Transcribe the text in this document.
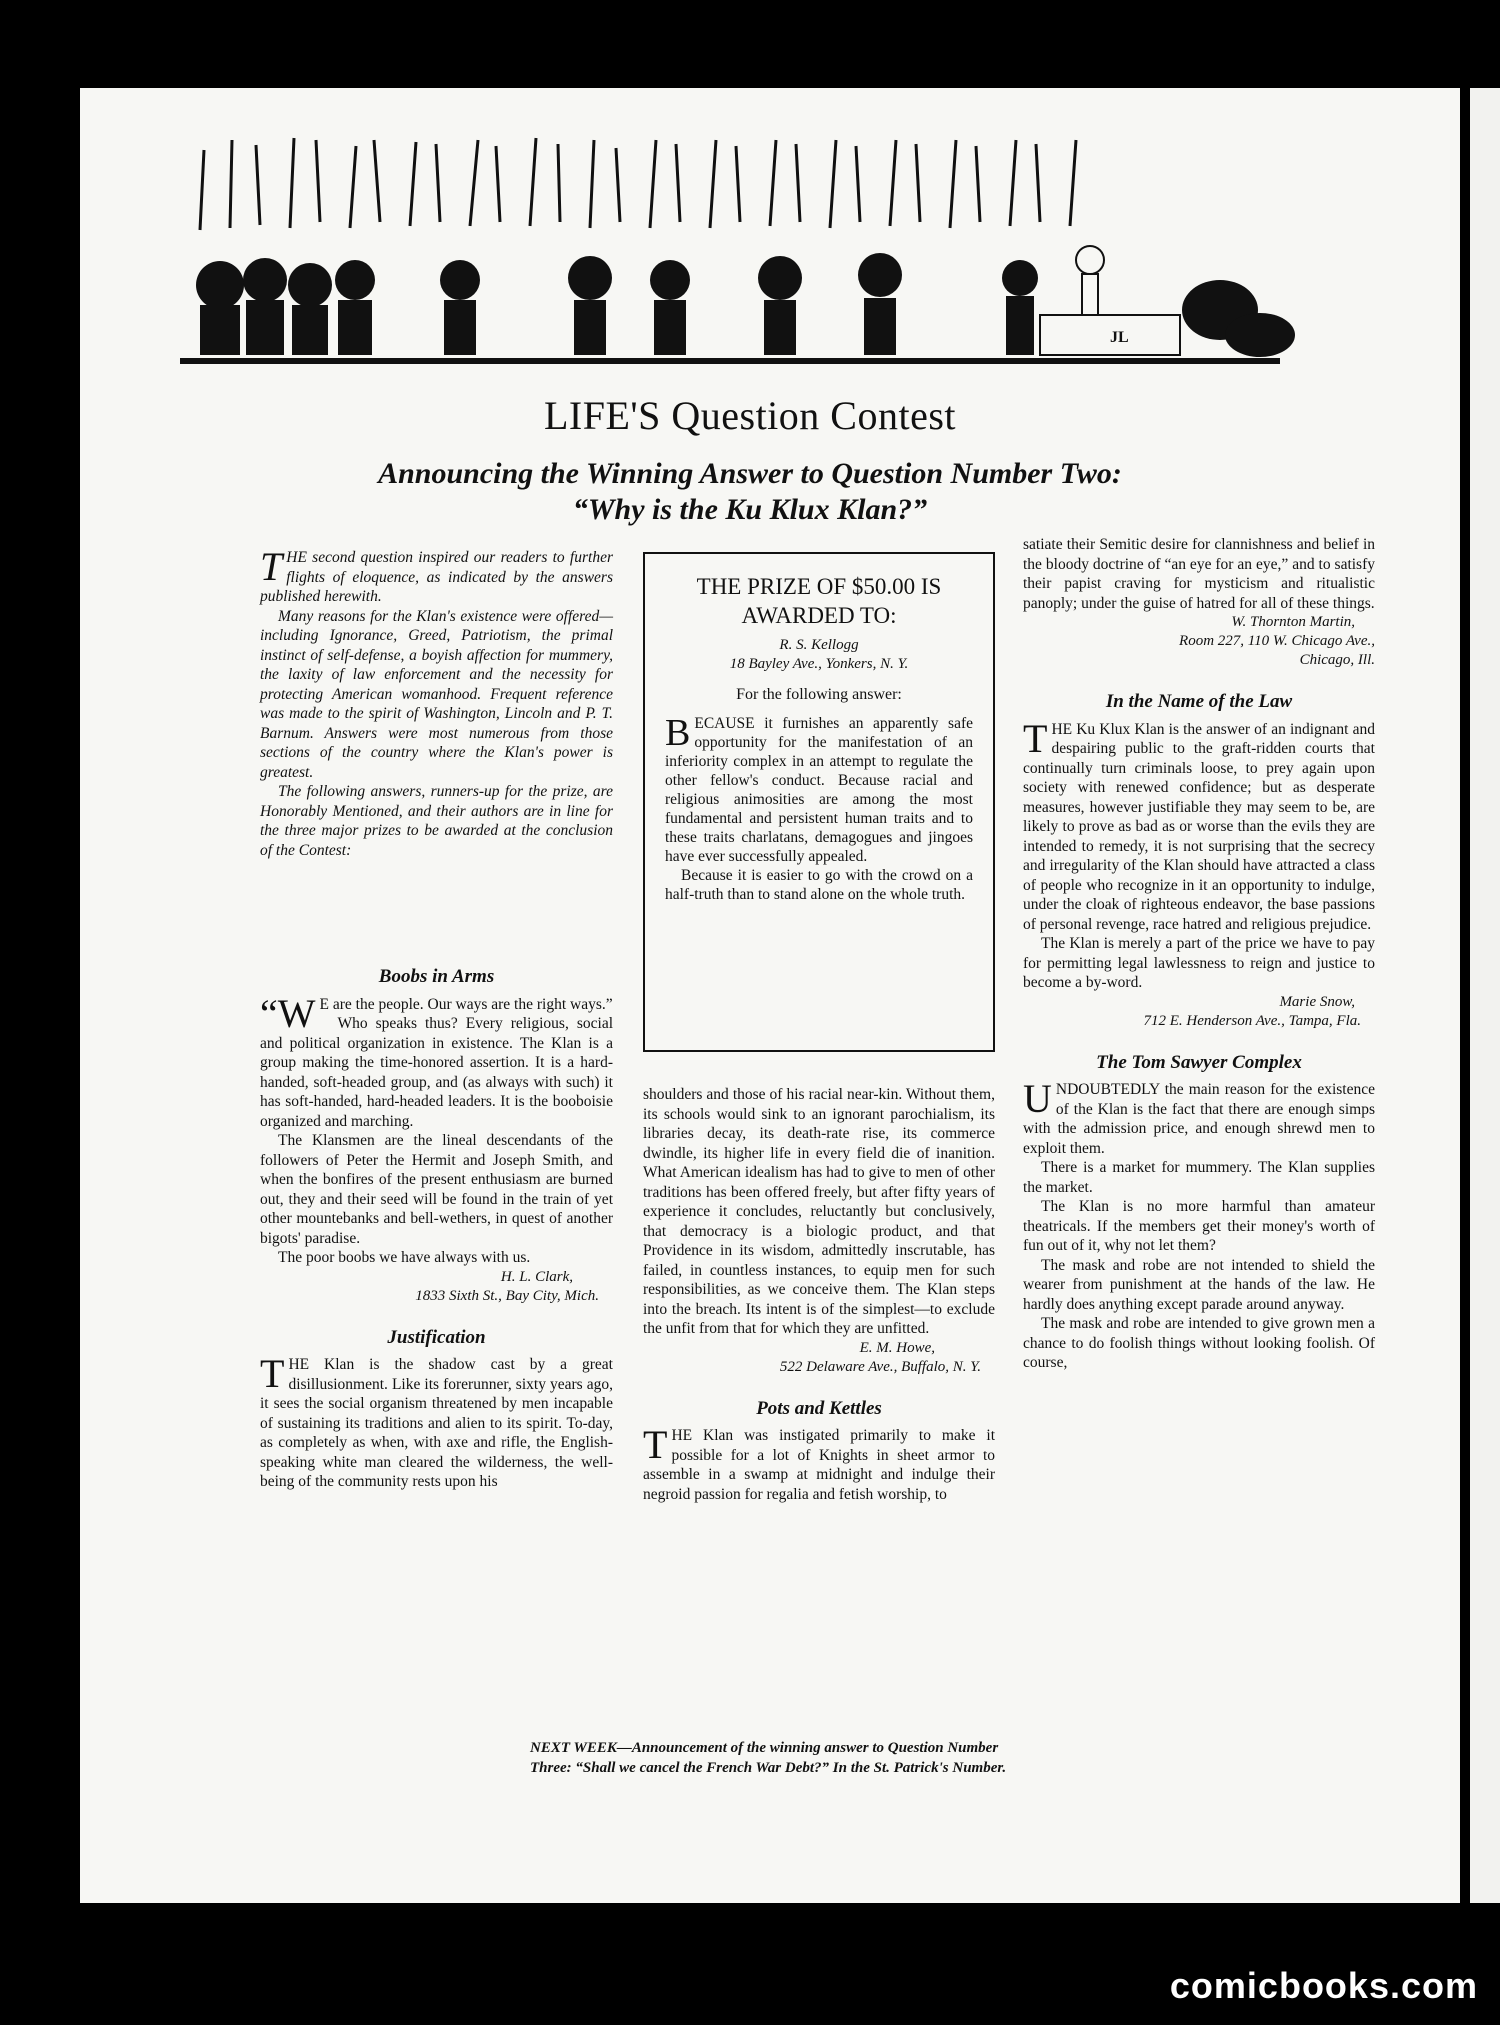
JL
LIFE'S Question Contest
Announcing the Winning Answer to Question Number Two:
“Why is the Ku Klux Klan?”

THE second question inspired our readers to further flights of eloquence, as indicated by the answers published herewith.

Many reasons for the Klan's existence were offered—including Ignorance, Greed, Patriotism, the primal instinct of self-defense, a boyish affection for mummery, the laxity of law enforcement and the necessity for protecting American womanhood. Frequent reference was made to the spirit of Washington, Lincoln and P. T. Barnum. Answers were most numerous from those sections of the country where the Klan's power is greatest.

The following answers, runners-up for the prize, are Honorably Mentioned, and their authors are in line for the three major prizes to be awarded at the conclusion of the Contest:

Boobs in Arms

“W E are the people. Our ways are the right ways.”

Who speaks thus? Every religious, social and political organization in existence. The Klan is a group making the time-honored assertion. It is a hard-handed, soft-headed group, and (as always with such) it has soft-handed, hard-headed leaders. It is the booboisie organized and marching.

The Klansmen are the lineal descendants of the followers of Peter the Hermit and Joseph Smith, and when the bonfires of the present enthusiasm are burned out, they and their seed will be found in the train of yet other mountebanks and bell-wethers, in quest of another bigots' paradise.

The poor boobs we have always with us.

H. L. Clark,
1833 Sixth St., Bay City, Mich.
Justification

THE Klan is the shadow cast by a great disillusionment. Like its forerunner, sixty years ago, it sees the social organism threatened by men incapable of sustaining its traditions and alien to its spirit. To-day, as completely as when, with axe and rifle, the English-speaking white man cleared the wilderness, the well-being of the community rests upon his

THE PRIZE OF $50.00 IS
AWARDED TO:
R. S. Kellogg
18 Bayley Ave., Yonkers, N. Y.
For the following answer:

BECAUSE it furnishes an apparently safe opportunity for the manifestation of an inferiority complex in an attempt to regulate the other fellow's conduct. Because racial and religious animosities are among the most fundamental and persistent human traits and to these traits charlatans, demagogues and jingoes have ever successfully appealed.

Because it is easier to go with the crowd on a half-truth than to stand alone on the whole truth.

shoulders and those of his racial near-kin. Without them, its schools would sink to an ignorant parochialism, its libraries decay, its death-rate rise, its commerce dwindle, its higher life in every field die of inanition. What American idealism has had to give to men of other traditions has been offered freely, but after fifty years of experience it concludes, reluctantly but conclusively, that democracy is a biologic product, and that Providence in its wisdom, admittedly inscrutable, has failed, in countless instances, to equip men for such responsibilities, as we conceive them. The Klan steps into the breach. Its intent is of the simplest—to exclude the unfit from that for which they are unfitted.

E. M. Howe,
522 Delaware Ave., Buffalo, N. Y.
Pots and Kettles

THE Klan was instigated primarily to make it possible for a lot of Knights in sheet armor to assemble in a swamp at midnight and indulge their negroid passion for regalia and fetish worship, to

satiate their Semitic desire for clannishness and belief in the bloody doctrine of “an eye for an eye,” and to satisfy their papist craving for mysticism and ritualistic panoply; under the guise of hatred for all of these things.

W. Thornton Martin,
Room 227, 110 W. Chicago Ave.,
Chicago, Ill.
In the Name of the Law

THE Ku Klux Klan is the answer of an indignant and despairing public to the graft-ridden courts that continually turn criminals loose, to prey again upon society with renewed confidence; but as desperate measures, however justifiable they may seem to be, are likely to prove as bad as or worse than the evils they are intended to remedy, it is not surprising that the secrecy and irregularity of the Klan should have attracted a class of people who recognize in it an opportunity to indulge, under the cloak of righteous endeavor, the base passions of personal revenge, race hatred and religious prejudice.

The Klan is merely a part of the price we have to pay for permitting legal lawlessness to reign and justice to become a by-word.

Marie Snow,
712 E. Henderson Ave., Tampa, Fla.
The Tom Sawyer Complex

UNDOUBTEDLY the main reason for the existence of the Klan is the fact that there are enough simps with the admission price, and enough shrewd men to exploit them.

There is a market for mummery. The Klan supplies the market.

The Klan is no more harmful than amateur theatricals. If the members get their money's worth of fun out of it, why not let them?

The mask and robe are not intended to shield the wearer from punishment at the hands of the law. He hardly does anything except parade around anyway.

The mask and robe are intended to give grown men a chance to do foolish things without looking foolish. Of course,

NEXT WEEK—Announcement of the winning answer to Question Number
Three: “Shall we cancel the French War Debt?” In the St. Patrick's Number.
comicbooks.com
